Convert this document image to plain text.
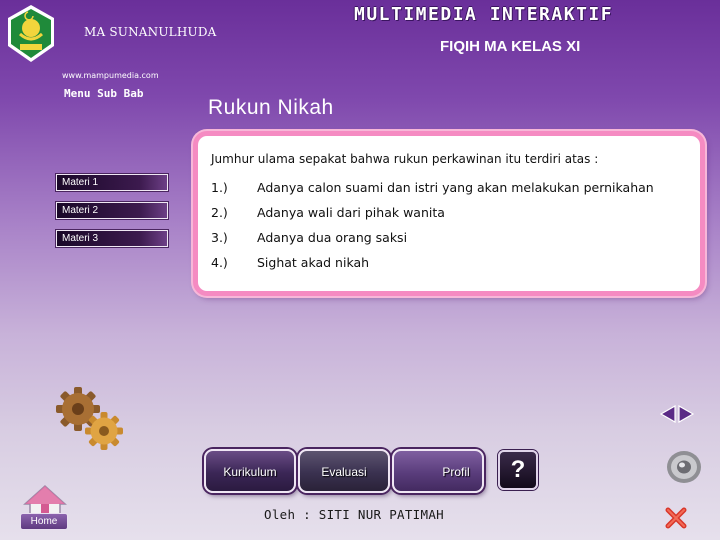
MA SUNANULHUDA
MULTIMEDIA INTERAKTIF
FIQIH MA KELAS XI
www.mampumedia.com
Menu Sub Bab
Rukun Nikah
Materi 1
Materi 2
Materi 3
Jumhur ulama sepakat bahwa rukun perkawinan itu terdiri atas :
1.) Adanya calon suami dan istri yang akan melakukan pernikahan
2.) Adanya wali dari pihak wanita
3.) Adanya dua orang saksi
4.) Sighat akad nikah
Kurikulum	Evaluasi	Profil	?
Oleh : SITI NUR PATIMAH
Home
